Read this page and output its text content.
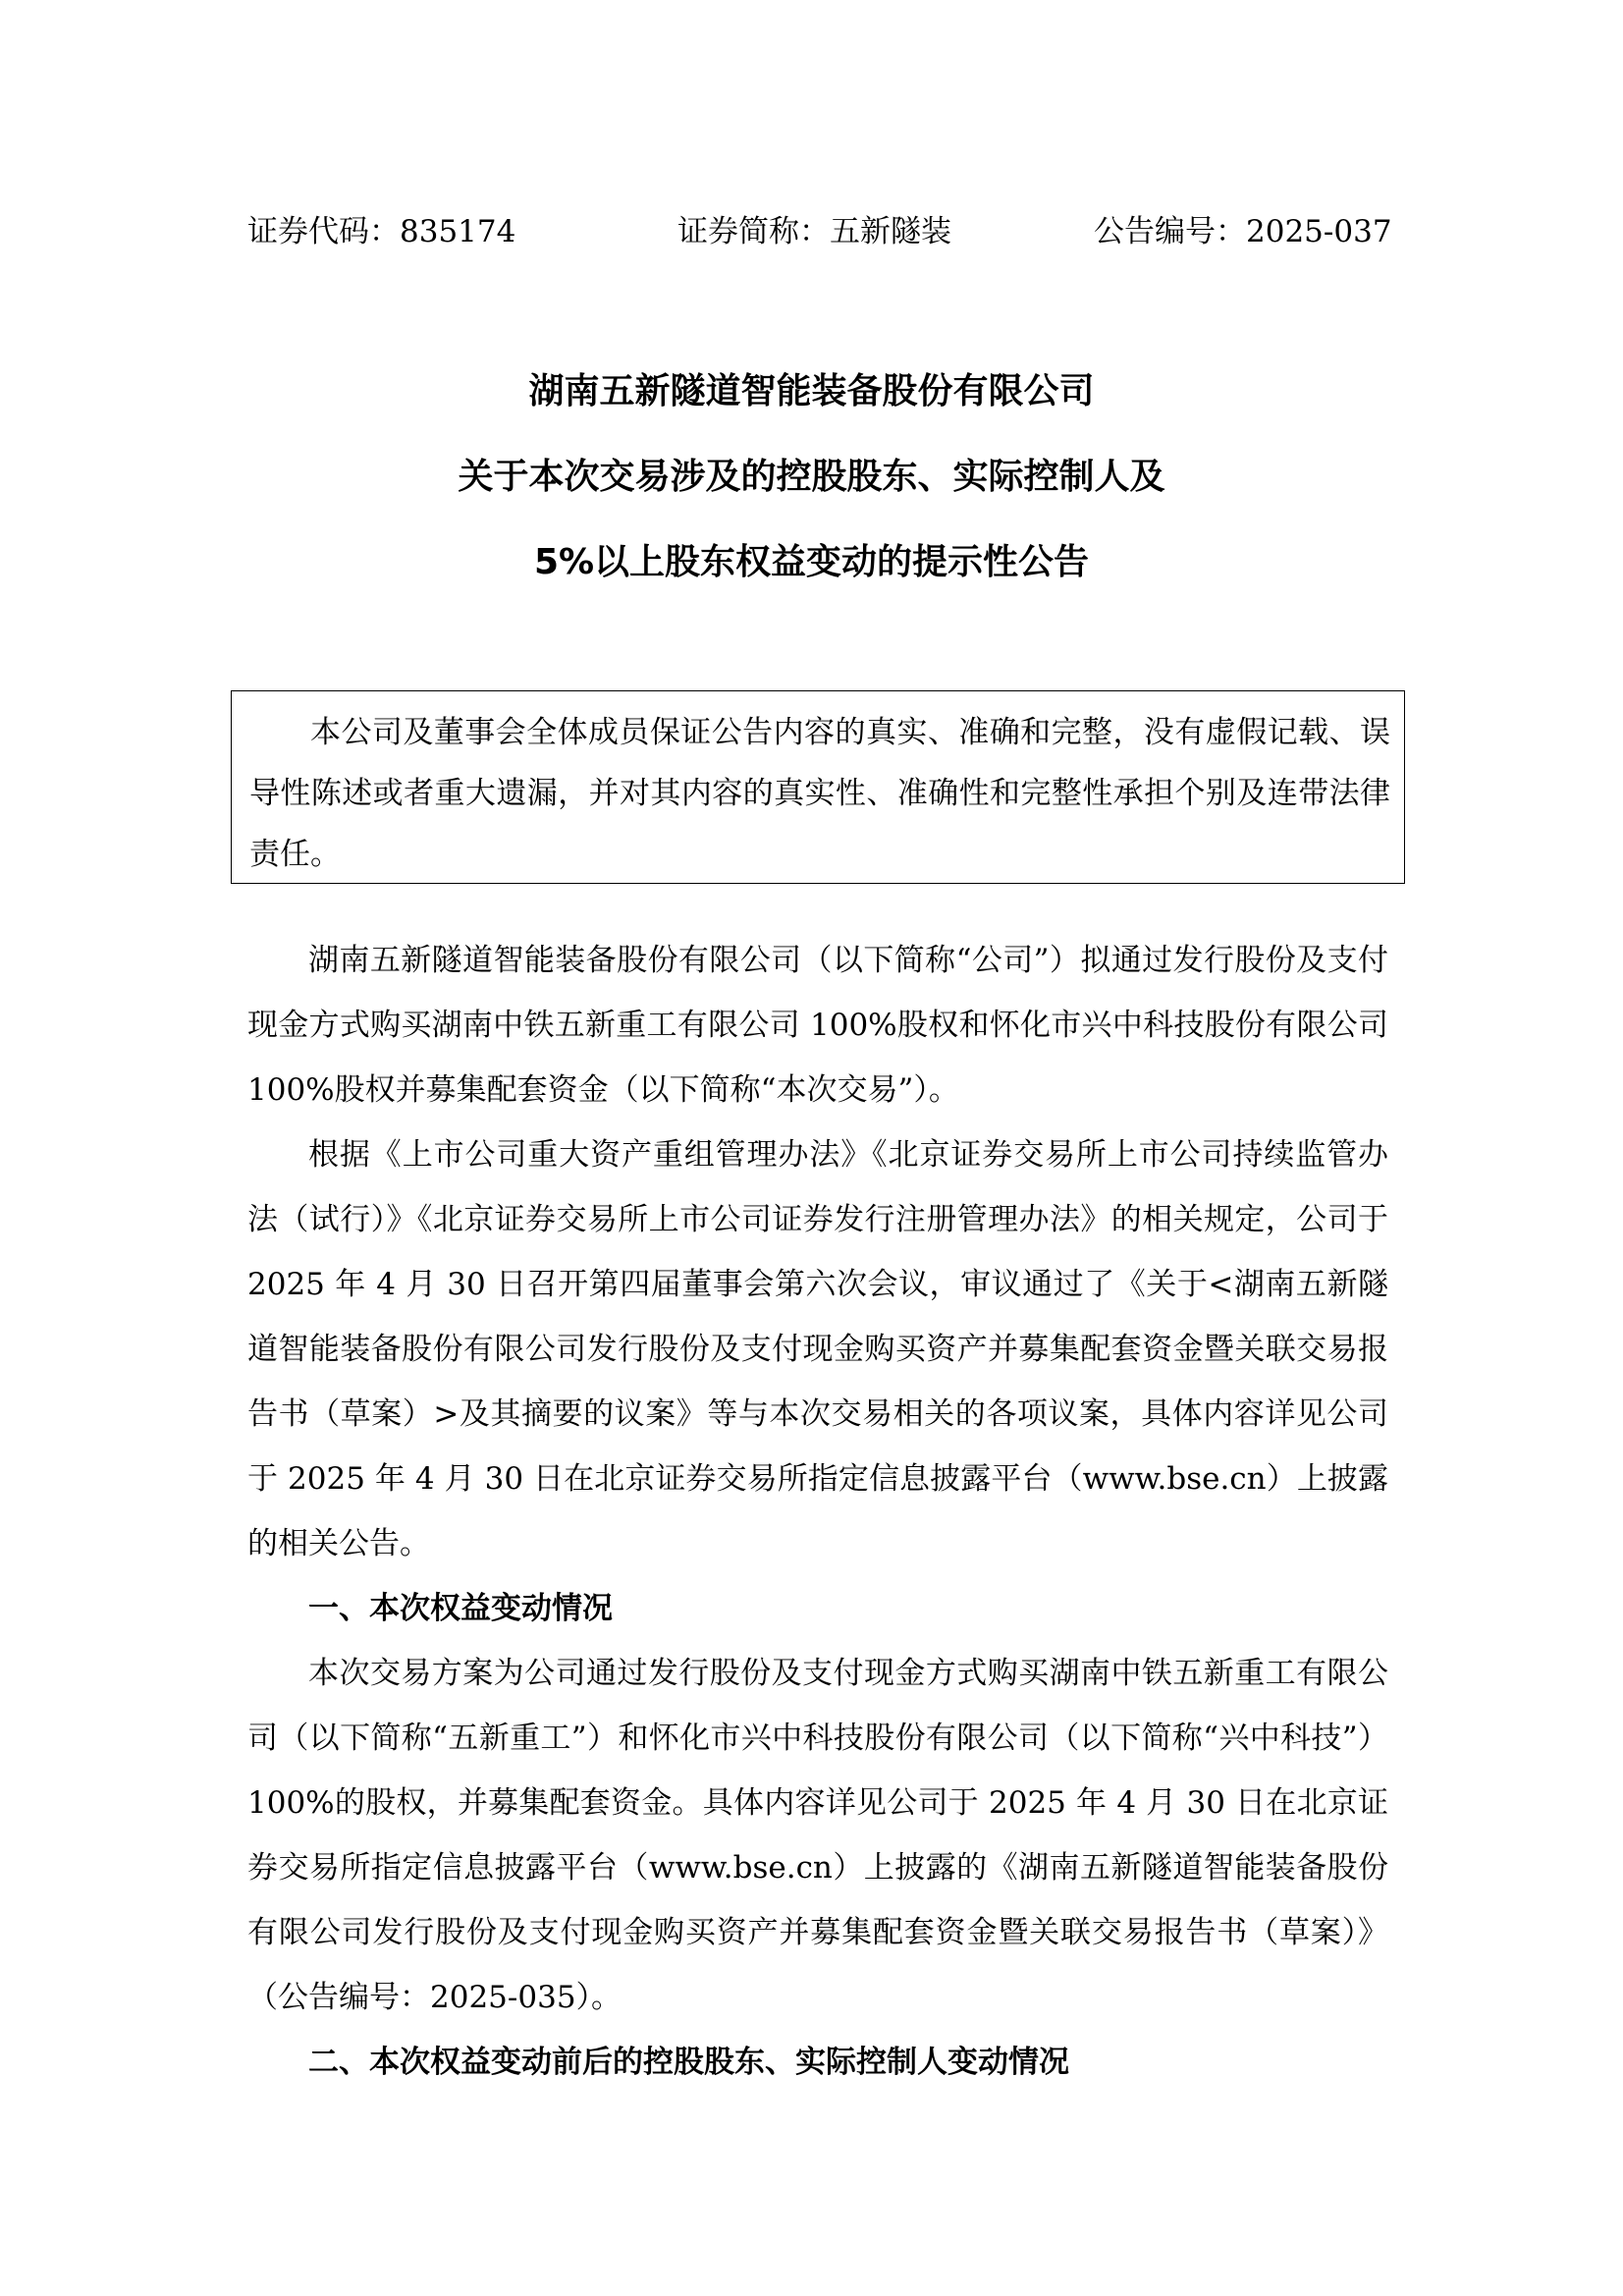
证券代码：835174	证券简称：五新隧装	公告编号：2025-037
湖南五新隧道智能装备股份有限公司
关于本次交易涉及的控股股东、实际控制人及
5%以上股东权益变动的提示性公告

本公司及董事会全体成员保证公告内容的真实、准确和完整，没有虚假记载、误导性陈述或者重大遗漏，并对其内容的真实性、准确性和完整性承担个别及连带法律责任。

湖南五新隧道智能装备股份有限公司（以下简称“公司”）拟通过发行股份及支付现金方式购买湖南中铁五新重工有限公司 100%股权和怀化市兴中科技股份有限公司 100%股权并募集配套资金（以下简称“本次交易”）。

根据《上市公司重大资产重组管理办法》《北京证券交易所上市公司持续监管办法（试行）》《北京证券交易所上市公司证券发行注册管理办法》的相关规定，公司于 2025 年 4 月 30 日召开第四届董事会第六次会议，审议通过了《关于<湖南五新隧道智能装备股份有限公司发行股份及支付现金购买资产并募集配套资金暨关联交易报告书（草案）>及其摘要的议案》等与本次交易相关的各项议案，具体内容详见公司于 2025 年 4 月 30 日在北京证券交易所指定信息披露平台（www.bse.cn）上披露的相关公告。

一、本次权益变动情况

本次交易方案为公司通过发行股份及支付现金方式购买湖南中铁五新重工有限公司（以下简称“五新重工”）和怀化市兴中科技股份有限公司（以下简称“兴中科技”）100%的股权，并募集配套资金。具体内容详见公司于 2025 年 4 月 30 日在北京证券交易所指定信息披露平台（www.bse.cn）上披露的《湖南五新隧道智能装备股份有限公司发行股份及支付现金购买资产并募集配套资金暨关联交易报告书（草案）》（公告编号：2025-035）。

二、本次权益变动前后的控股股东、实际控制人变动情况
